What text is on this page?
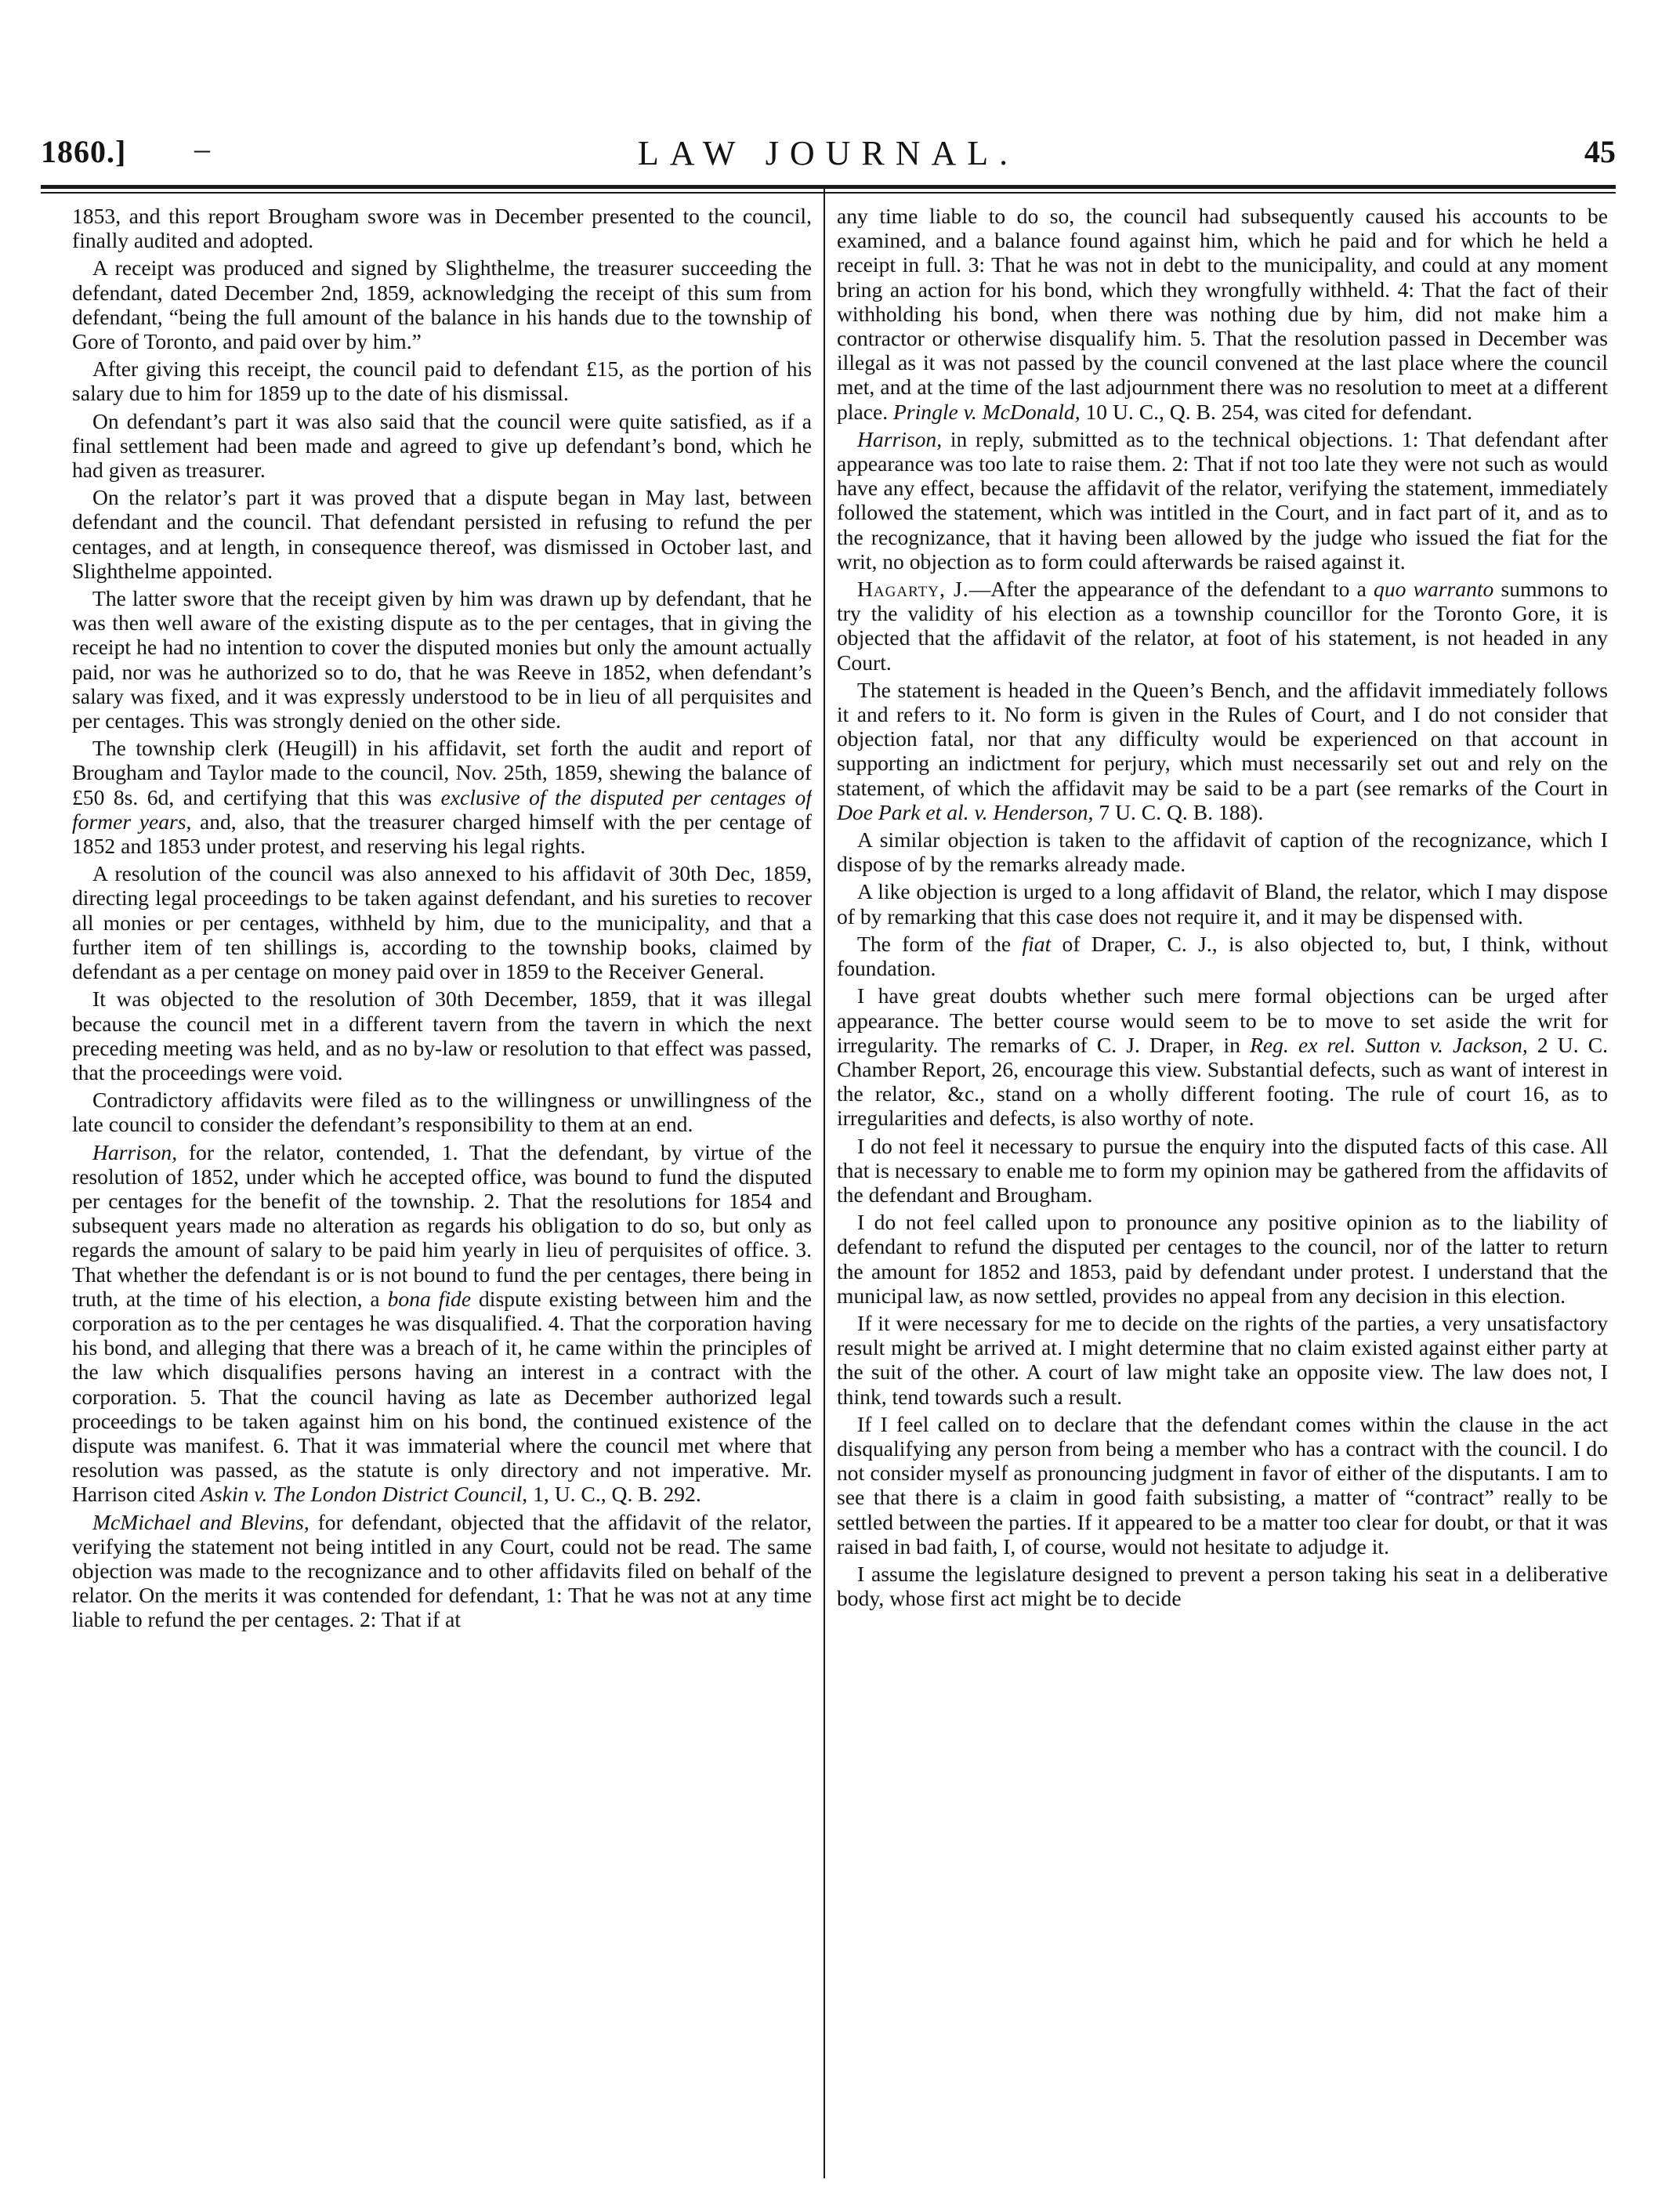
1860.] –	LAW JOURNAL.	45

1853, and this report Brougham swore was in December presented to the council, finally audited and adopted.

A receipt was produced and signed by Slighthelme, the treasurer succeeding the defendant, dated December 2nd, 1859, acknowledging the receipt of this sum from defendant, “being the full amount of the balance in his hands due to the township of Gore of Toronto, and paid over by him.”

After giving this receipt, the council paid to defendant £15, as the portion of his salary due to him for 1859 up to the date of his dismissal.

On defendant’s part it was also said that the council were quite satisfied, as if a final settlement had been made and agreed to give up defendant’s bond, which he had given as treasurer.

On the relator’s part it was proved that a dispute began in May last, between defendant and the council. That defendant persisted in refusing to refund the per centages, and at length, in consequence thereof, was dismissed in October last, and Slighthelme appointed.

The latter swore that the receipt given by him was drawn up by defendant, that he was then well aware of the existing dispute as to the per centages, that in giving the receipt he had no intention to cover the disputed monies but only the amount actually paid, nor was he authorized so to do, that he was Reeve in 1852, when defendant’s salary was fixed, and it was expressly understood to be in lieu of all perquisites and per centages. This was strongly denied on the other side.

The township clerk (Heugill) in his affidavit, set forth the audit and report of Brougham and Taylor made to the council, Nov. 25th, 1859, shewing the balance of £50 8s. 6d, and certifying that this was exclusive of the disputed per centages of former years, and, also, that the treasurer charged himself with the per centage of 1852 and 1853 under protest, and reserving his legal rights.

A resolution of the council was also annexed to his affidavit of 30th Dec, 1859, directing legal proceedings to be taken against defendant, and his sureties to recover all monies or per centages, withheld by him, due to the municipality, and that a further item of ten shillings is, according to the township books, claimed by defendant as a per centage on money paid over in 1859 to the Receiver General.

It was objected to the resolution of 30th December, 1859, that it was illegal because the council met in a different tavern from the tavern in which the next preceding meeting was held, and as no by-law or resolution to that effect was passed, that the proceedings were void.

Contradictory affidavits were filed as to the willingness or unwillingness of the late council to consider the defendant’s responsibility to them at an end.

Harrison, for the relator, contended, 1. That the defendant, by virtue of the resolution of 1852, under which he accepted office, was bound to fund the disputed per centages for the benefit of the township. 2. That the resolutions for 1854 and subsequent years made no alteration as regards his obligation to do so, but only as regards the amount of salary to be paid him yearly in lieu of perquisites of office. 3. That whether the defendant is or is not bound to fund the per centages, there being in truth, at the time of his election, a bona fide dispute existing between him and the corporation as to the per centages he was disqualified. 4. That the corporation having his bond, and alleging that there was a breach of it, he came within the principles of the law which disqualifies persons having an interest in a contract with the corporation. 5. That the council having as late as December authorized legal proceedings to be taken against him on his bond, the continued existence of the dispute was manifest. 6. That it was immaterial where the council met where that resolution was passed, as the statute is only directory and not imperative. Mr. Harrison cited Askin v. The London District Council, 1, U. C., Q. B. 292.

McMichael and Blevins, for defendant, objected that the affidavit of the relator, verifying the statement not being intitled in any Court, could not be read. The same objection was made to the recognizance and to other affidavits filed on behalf of the relator. On the merits it was contended for defendant, 1: That he was not at any time liable to refund the per centages. 2: That if at

any time liable to do so, the council had subsequently caused his accounts to be examined, and a balance found against him, which he paid and for which he held a receipt in full. 3: That he was not in debt to the municipality, and could at any moment bring an action for his bond, which they wrongfully withheld. 4: That the fact of their withholding his bond, when there was nothing due by him, did not make him a contractor or otherwise disqualify him. 5. That the resolution passed in December was illegal as it was not passed by the council convened at the last place where the council met, and at the time of the last adjournment there was no resolution to meet at a different place. Pringle v. McDonald, 10 U. C., Q. B. 254, was cited for defendant.

Harrison, in reply, submitted as to the technical objections. 1: That defendant after appearance was too late to raise them. 2: That if not too late they were not such as would have any effect, because the affidavit of the relator, verifying the statement, immediately followed the statement, which was intitled in the Court, and in fact part of it, and as to the recognizance, that it having been allowed by the judge who issued the fiat for the writ, no objection as to form could afterwards be raised against it.

Hagarty, J.—After the appearance of the defendant to a quo warranto summons to try the validity of his election as a township councillor for the Toronto Gore, it is objected that the affidavit of the relator, at foot of his statement, is not headed in any Court.

The statement is headed in the Queen’s Bench, and the affidavit immediately follows it and refers to it. No form is given in the Rules of Court, and I do not consider that objection fatal, nor that any difficulty would be experienced on that account in supporting an indictment for perjury, which must necessarily set out and rely on the statement, of which the affidavit may be said to be a part (see remarks of the Court in Doe Park et al. v. Henderson, 7 U. C. Q. B. 188).

A similar objection is taken to the affidavit of caption of the recognizance, which I dispose of by the remarks already made.

A like objection is urged to a long affidavit of Bland, the relator, which I may dispose of by remarking that this case does not require it, and it may be dispensed with.

The form of the fiat of Draper, C. J., is also objected to, but, I think, without foundation.

I have great doubts whether such mere formal objections can be urged after appearance. The better course would seem to be to move to set aside the writ for irregularity. The remarks of C. J. Draper, in Reg. ex rel. Sutton v. Jackson, 2 U. C. Chamber Report, 26, encourage this view. Substantial defects, such as want of interest in the relator, &c., stand on a wholly different footing. The rule of court 16, as to irregularities and defects, is also worthy of note.

I do not feel it necessary to pursue the enquiry into the disputed facts of this case. All that is necessary to enable me to form my opinion may be gathered from the affidavits of the defendant and Brougham.

I do not feel called upon to pronounce any positive opinion as to the liability of defendant to refund the disputed per centages to the council, nor of the latter to return the amount for 1852 and 1853, paid by defendant under protest. I understand that the municipal law, as now settled, provides no appeal from any decision in this election.

If it were necessary for me to decide on the rights of the parties, a very unsatisfactory result might be arrived at. I might determine that no claim existed against either party at the suit of the other. A court of law might take an opposite view. The law does not, I think, tend towards such a result.

If I feel called on to declare that the defendant comes within the clause in the act disqualifying any person from being a member who has a contract with the council. I do not consider myself as pronouncing judgment in favor of either of the disputants. I am to see that there is a claim in good faith subsisting, a matter of “contract” really to be settled between the parties. If it appeared to be a matter too clear for doubt, or that it was raised in bad faith, I, of course, would not hesitate to adjudge it.

I assume the legislature designed to prevent a person taking his seat in a deliberative body, whose first act might be to decide
